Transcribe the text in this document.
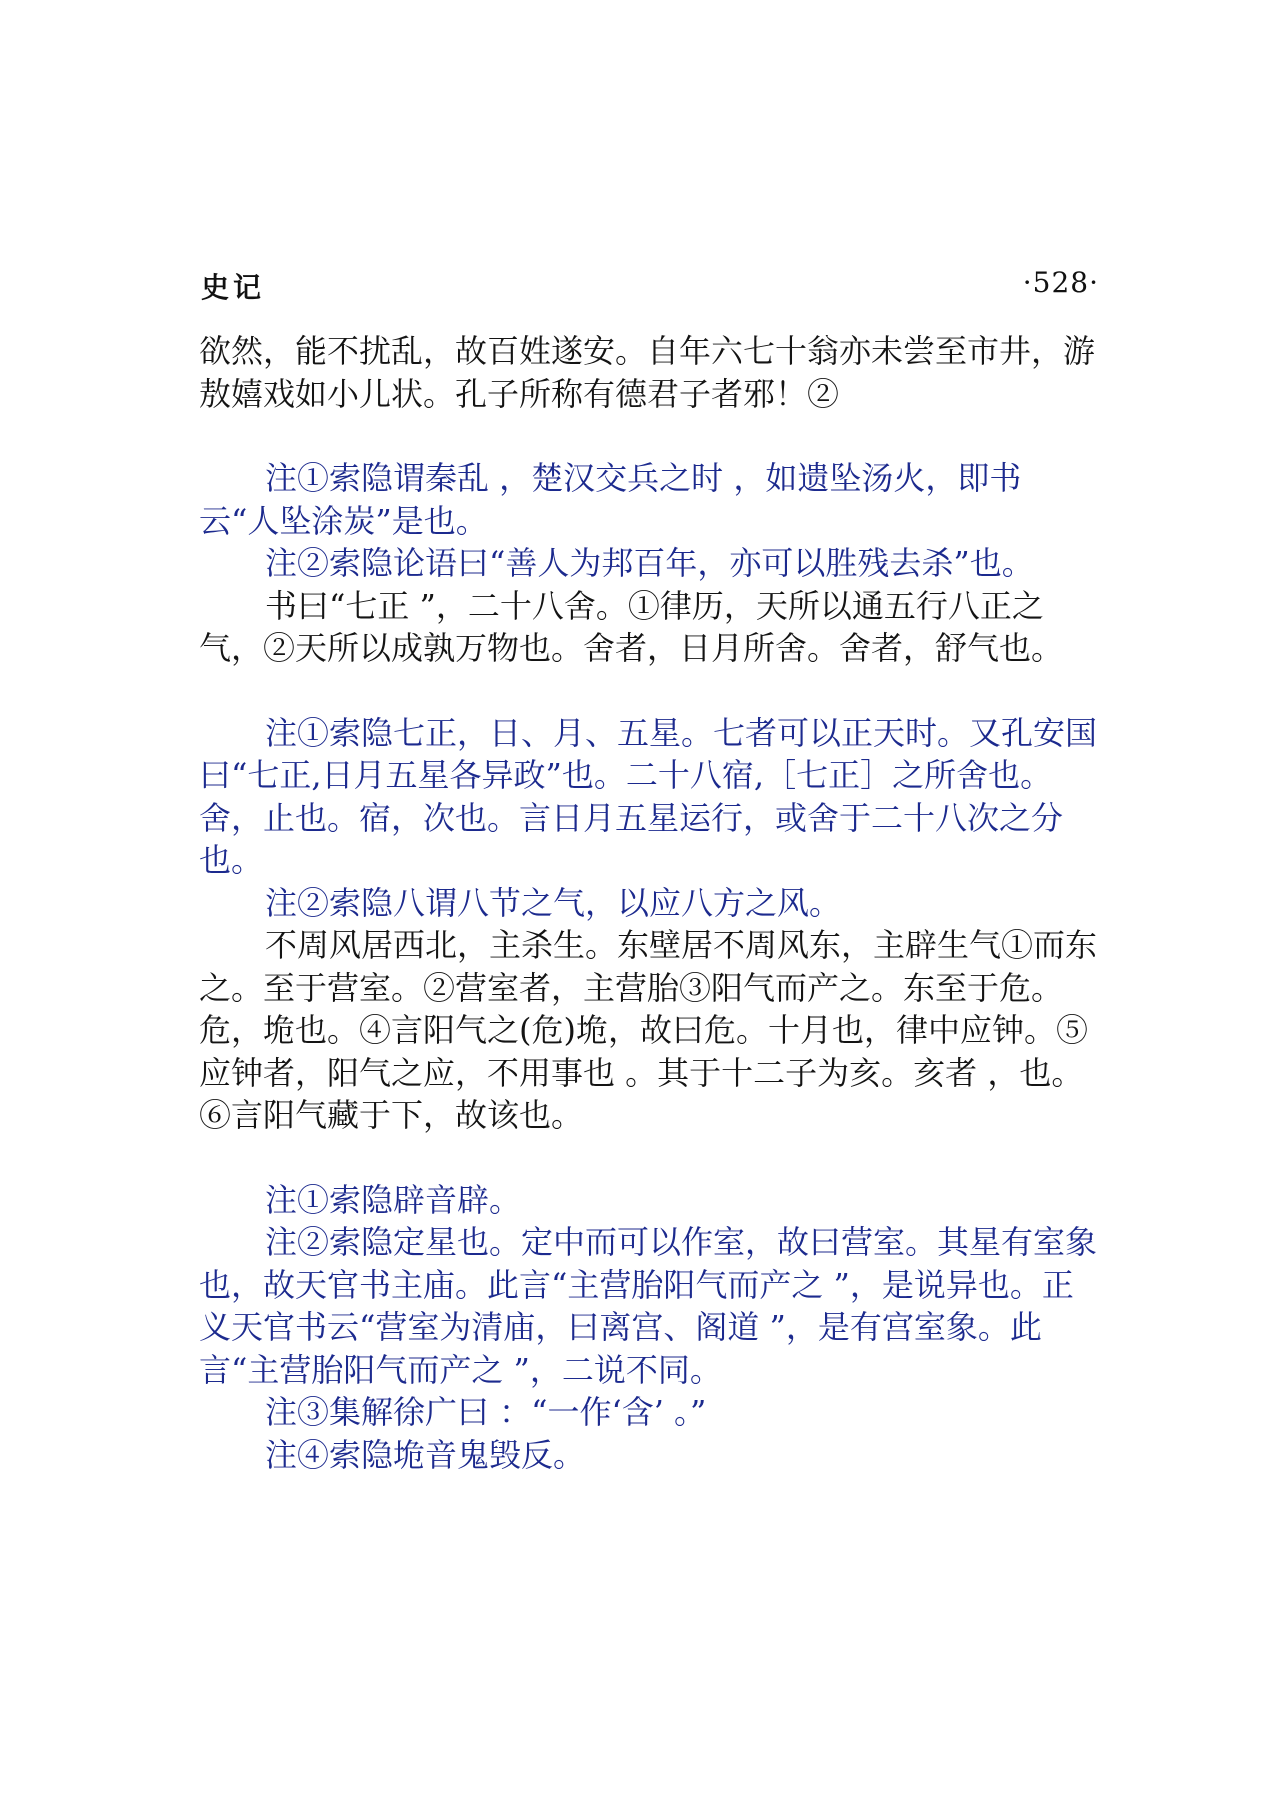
史记	·528·

欲然，能不扰乱，故百姓遂安。自年六七十翁亦未尝至市井，游敖嬉戏如小儿状。孔子所称有德君子者邪！②

注①索隐谓秦乱 ，楚汉交兵之时 ，如遗坠汤火，即书云“人坠涂炭”是也。

注②索隐论语曰“善人为邦百年，亦可以胜残去杀”也。

书曰“七正 ”，二十八舍。①律历，天所以通五行八正之气，②天所以成孰万物也。舍者，日月所舍。舍者，舒气也。

注①索隐七正，日、月、五星。七者可以正天时。又孔安国曰“七正,日月五星各异政”也。二十八宿,［七正］之所舍也。舍，止也。宿，次也。言日月五星运行，或舍于二十八次之分也。

注②索隐八谓八节之气，以应八方之风。

不周风居西北，主杀生。东壁居不周风东，主辟生气①而东之。至于营室。②营室者，主营胎③阳气而产之。东至于危。危，垝也。④言阳气之(危)垝，故曰危。十月也，律中应钟。⑤应钟者，阳气之应，不用事也 。其于十二子为亥。亥者 ，也。⑥言阳气藏于下，故该也。

注①索隐辟音辟。

注②索隐定星也。定中而可以作室，故曰营室。其星有室象也，故天官书主庙。此言“主营胎阳气而产之 ”，是说异也。正义天官书云“营室为清庙，曰离宫、阁道 ”，是有宫室象。此言“主营胎阳气而产之 ”，二说不同。

注③集解徐广曰 ：“一作‘含’ 。”

注④索隐垝音鬼毁反。
